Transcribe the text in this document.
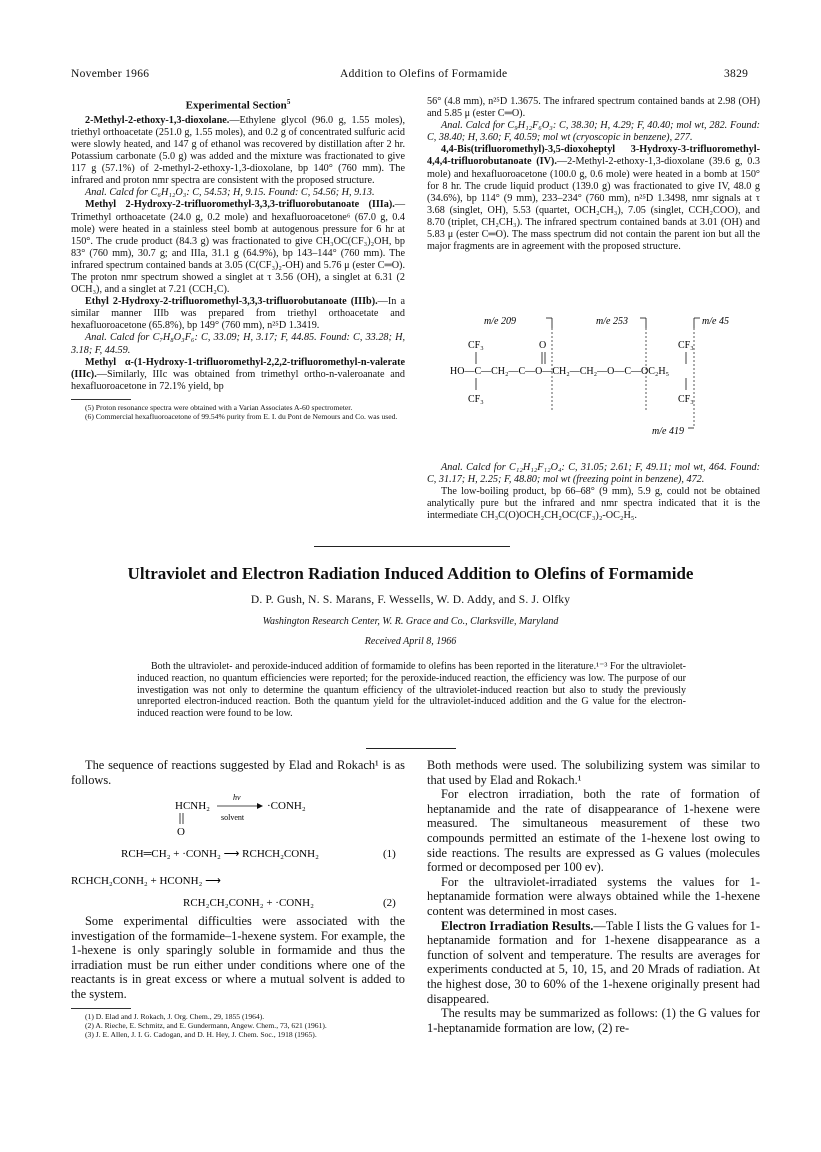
November 1966	Addition to Olefins of Formamide	3829
Experimental Section$^5$

2-Methyl-2-ethoxy-1,3-dioxolane.—Ethylene glycol (96.0 g, 1.55 moles), triethyl orthoacetate (251.0 g, 1.55 moles), and 0.2 g of concentrated sulfuric acid were slowly heated, and 147 g of ethanol was recovered by distillation after 2 hr. Potassium carbonate (5.0 g) was added and the mixture was fractionated to give 117 g (57.1%) of 2-methyl-2-ethoxy-1,3-dioxolane, bp 140° (760 mm). The infrared and proton nmr spectra are consistent with the proposed structure.

Anal. Calcd for C₆H₁₂O₃: C, 54.53; H, 9.15. Found: C, 54.56; H, 9.13.

Methyl 2-Hydroxy-2-trifluoromethyl-3,3,3-trifluorobutanoate (IIIa).—Trimethyl orthoacetate (24.0 g, 0.2 mole) and hexafluoroacetone⁶ (67.0 g, 0.4 mole) were heated in a stainless steel bomb at autogenous pressure for 6 hr at 150°. The crude product (84.3 g) was fractionated to give CH₃OC(CF₃)₂OH, bp 83° (760 mm), 30.7 g; and IIIa, 31.1 g (64.9%), bp 143–144° (760 mm). The infrared spectrum contained bands at 3.05 (C(CF₃)₂-OH) and 5.76 μ (ester C═O). The proton nmr spectrum showed a singlet at τ 3.56 (OH), a singlet at 6.31 (2 OCH₃), and a singlet at 7.21 (CCH₂C).

Ethyl 2-Hydroxy-2-trifluoromethyl-3,3,3-trifluorobutanoate (IIIb).—In a similar manner IIIb was prepared from triethyl orthoacetate and hexafluoroacetone (65.8%), bp 149° (760 mm), n²⁵D 1.3419.

Anal. Calcd for C₇H₈O₃F₆: C, 33.09; H, 3.17; F, 44.85. Found: C, 33.28; H, 3.18; F, 44.59.

Methyl α-(1-Hydroxy-1-trifluoromethyl-2,2,2-trifluoromethyl-n-valerate (IIIc).—Similarly, IIIc was obtained from trimethyl ortho-n-valeroanate and hexafluoroacetone in 72.1% yield, bp

(5) Proton resonance spectra were obtained with a Varian Associates A-60 spectrometer.

(6) Commercial hexafluoroacetone of 99.54% purity from E. I. du Pont de Nemours and Co. was used.

56° (4.8 mm), n²⁵D 1.3675. The infrared spectrum contained bands at 2.98 (OH) and 5.85 μ (ester C═O).

Anal. Calcd for C₉H₁₂F₆O₃: C, 38.30; H, 4.29; F, 40.40; mol wt, 282. Found: C, 38.40; H, 3.60; F, 40.59; mol wt (cryoscopic in benzene), 277.

4,4-Bis(trifluoromethyl)-3,5-dioxoheptyl 3-Hydroxy-3-trifluoromethyl-4,4,4-trifluorobutanoate (IV).—2-Methyl-2-ethoxy-1,3-dioxolane (39.6 g, 0.3 mole) and hexafluoroacetone (100.0 g, 0.6 mole) were heated in a bomb at 150° for 8 hr. The crude liquid product (139.0 g) was fractionated to give IV, 48.0 g (34.6%), bp 114° (9 mm), 233–234° (760 mm), n²⁵D 1.3498, nmr signals at τ 3.68 (singlet, OH), 5.53 (quartet, OCH₂CH₃), 7.05 (singlet, CCH₂COO), and 8.70 (triplet, CH₂CH₃). The infrared spectrum contained bands at 3.01 (OH) and 5.83 μ (ester C═O). The mass spectrum did not contain the parent ion but all the major fragments are in agreement with the proposed structure.

m/e 209	m/e 253	m/e 45
CF₃	O	CF₃
HO—C—CH₂—C—O—CH₂—CH₂—O—C—OC₂H₅
CF₃	CF₃
m/e 419

Anal. Calcd for C₁₂H₁₂F₁₂O₄: C, 31.05; 2.61; F, 49.11; mol wt, 464. Found: C, 31.17; H, 2.25; F, 48.80; mol wt (freezing point in benzene), 472.

The low-boiling product, bp 66–68° (9 mm), 5.9 g, could not be obtained analytically pure but the infrared and nmr spectra indicated that it is the intermediate CH₃C(O)OCH₂CH₂OC(CF₃)₂-OC₂H₅.

Ultraviolet and Electron Radiation Induced Addition to Olefins of Formamide
D. P. Gush, N. S. Marans, F. Wessells, W. D. Addy, and S. J. Olfky
Washington Research Center, W. R. Grace and Co., Clarksville, Maryland
Received April 8, 1966
Both the ultraviolet- and peroxide-induced addition of formamide to olefins has been reported in the literature.¹⁻³ For the ultraviolet-induced reaction, no quantum efficiencies were reported; for the peroxide-induced reaction, the efficiency was low. The purpose of our investigation was not only to determine the quantum efficiency of the ultraviolet-induced reaction but also to study the previously unreported electron-induced reaction. Both the quantum yield for the ultraviolet-induced addition and the G value for the electron-induced reaction were found to be low.

The sequence of reactions suggested by Elad and Rokach¹ is as follows.

HCNH₂
hν
solvent
·CONH₂
O
RCH═CH₂ + ·CONH₂ ⟶ RCHCH₂CONH₂	(1)
RCHCH₂CONH₂ + HCONH₂ ⟶
RCH₂CH₂CONH₂ + ·CONH₂	(2)

Some experimental difficulties were associated with the investigation of the formamide–1-hexene system. For example, the 1-hexene is only sparingly soluble in formamide and thus the irradiation must be run either under conditions where one of the reactants is in great excess or where a mutual solvent is added to the system.

(1) D. Elad and J. Rokach, J. Org. Chem., 29, 1855 (1964).

(2) A. Rieche, E. Schmitz, and E. Gundermann, Angew. Chem., 73, 621 (1961).

(3) J. E. Allen, J. I. G. Cadogan, and D. H. Hey, J. Chem. Soc., 1918 (1965).

Both methods were used. The solubilizing system was similar to that used by Elad and Rokach.¹

For electron irradiation, both the rate of formation of heptanamide and the rate of disappearance of 1-hexene were measured. The simultaneous measurement of these two compounds permitted an estimate of the 1-hexene lost owing to side reactions. The results are expressed as G values (molecules formed or decomposed per 100 ev).

For the ultraviolet-irradiated systems the values for 1-heptanamide formation were always obtained while the 1-hexene content was determined in most cases.

Electron Irradiation Results.—Table I lists the G values for 1-heptanamide formation and for 1-hexene disappearance as a function of solvent and temperature. The results are averages for experiments conducted at 5, 10, 15, and 20 Mrads of radiation. At the highest dose, 30 to 60% of the 1-hexene originally present had disappeared.

The results may be summarized as follows: (1) the G values for 1-heptanamide formation are low, (2) re-
